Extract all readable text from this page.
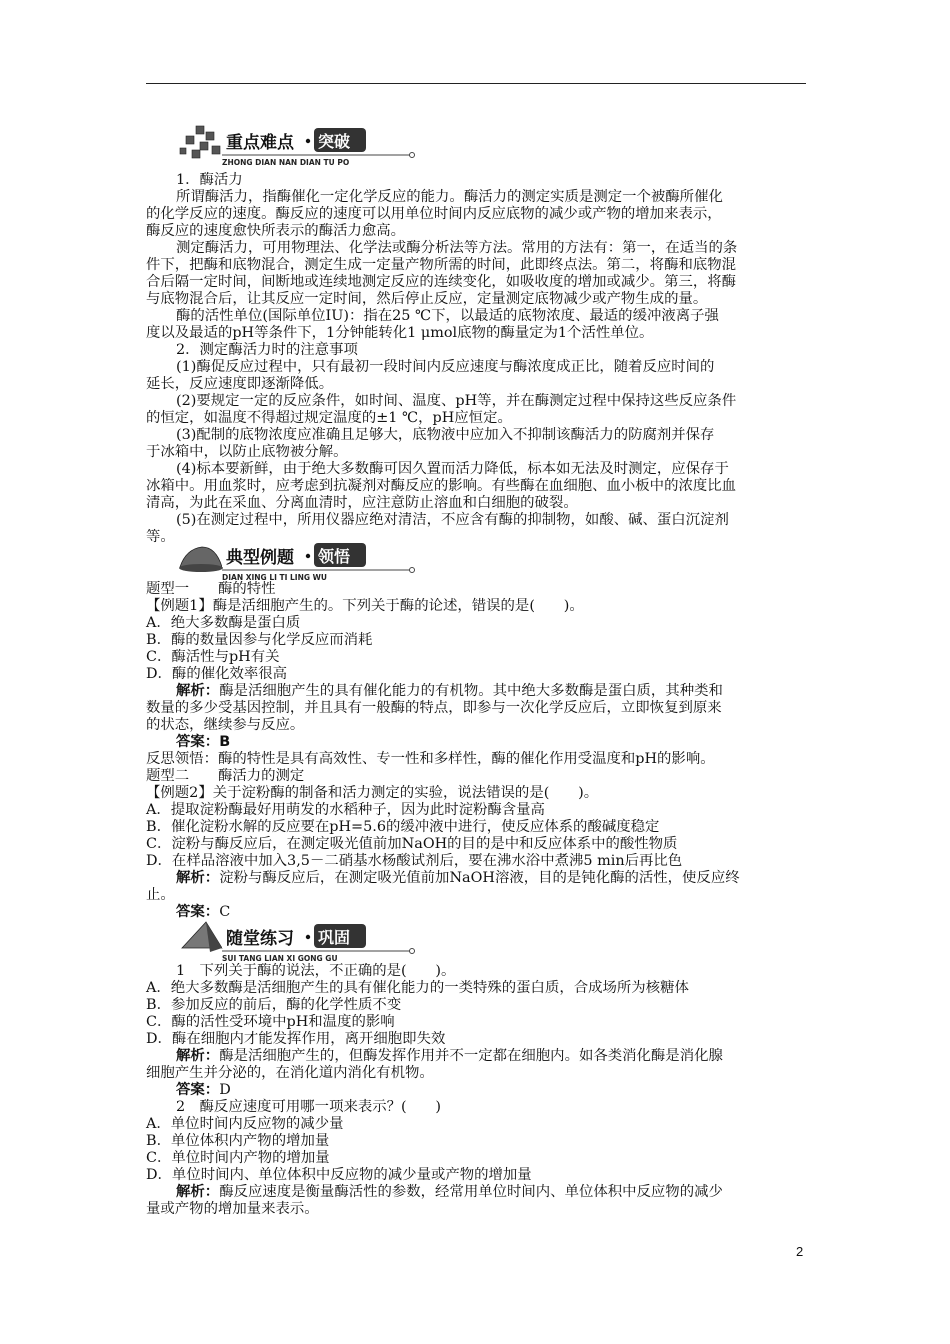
重点难点 突破
ZHONG DIAN NAN DIAN TU PO
1．酶活力
所谓酶活力，指酶催化一定化学反应的能力。酶活力的测定实质是测定一个被酶所催化
的化学反应的速度。酶反应的速度可以用单位时间内反应底物的减少或产物的增加来表示，
酶反应的速度愈快所表示的酶活力愈高。
测定酶活力，可用物理法、化学法或酶分析法等方法。常用的方法有：第一，在适当的条
件下，把酶和底物混合，测定生成一定量产物所需的时间，此即终点法。第二，将酶和底物混
合后隔一定时间，间断地或连续地测定反应的连续变化，如吸收度的增加或减少。第三，将酶
与底物混合后，让其反应一定时间，然后停止反应，定量测定底物减少或产物生成的量。
酶的活性单位(国际单位IU)：指在25 ℃下，以最适的底物浓度、最适的缓冲液离子强
度以及最适的pH等条件下，1分钟能转化1 μmol底物的酶量定为1个活性单位。
2．测定酶活力时的注意事项
(1)酶促反应过程中，只有最初一段时间内反应速度与酶浓度成正比，随着反应时间的
延长，反应速度即逐渐降低。
(2)要规定一定的反应条件，如时间、温度、pH等，并在酶测定过程中保持这些反应条件
的恒定，如温度不得超过规定温度的±1 ℃，pH应恒定。
(3)配制的底物浓度应准确且足够大，底物液中应加入不抑制该酶活力的防腐剂并保存
于冰箱中，以防止底物被分解。
(4)标本要新鲜，由于绝大多数酶可因久置而活力降低，标本如无法及时测定，应保存于
冰箱中。用血浆时，应考虑到抗凝剂对酶反应的影响。有些酶在血细胞、血小板中的浓度比血
清高，为此在采血、分离血清时，应注意防止溶血和白细胞的破裂。
(5)在测定过程中，所用仪器应绝对清洁，不应含有酶的抑制物，如酸、碱、蛋白沉淀剂
等。
典型例题 领悟
DIAN XING LI TI LING WU
题型一　　酶的特性
【例题1】酶是活细胞产生的。下列关于酶的论述，错误的是(　　)。
A．绝大多数酶是蛋白质
B．酶的数量因参与化学反应而消耗
C．酶活性与pH有关
D．酶的催化效率很高
解析：酶是活细胞产生的具有催化能力的有机物。其中绝大多数酶是蛋白质，其种类和
数量的多少受基因控制，并且具有一般酶的特点，即参与一次化学反应后，立即恢复到原来
的状态，继续参与反应。
答案：B
反思领悟：酶的特性是具有高效性、专一性和多样性，酶的催化作用受温度和pH的影响。
题型二　　酶活力的测定
【例题2】关于淀粉酶的制备和活力测定的实验，说法错误的是(　　)。
A．提取淀粉酶最好用萌发的水稻种子，因为此时淀粉酶含量高
B．催化淀粉水解的反应要在pH=5.6的缓冲液中进行，使反应体系的酸碱度稳定
C．淀粉与酶反应后，在测定吸光值前加NaOH的目的是中和反应体系中的酸性物质
D．在样品溶液中加入3,5－二硝基水杨酸试剂后，要在沸水浴中煮沸5 min后再比色
解析：淀粉与酶反应后，在测定吸光值前加NaOH溶液，目的是钝化酶的活性，使反应终
止。
答案：C
随堂练习 巩固
SUI TANG LIAN XI GONG GU
1　下列关于酶的说法，不正确的是(　　)。
A．绝大多数酶是活细胞产生的具有催化能力的一类特殊的蛋白质，合成场所为核糖体
B．参加反应的前后，酶的化学性质不变
C．酶的活性受环境中pH和温度的影响
D．酶在细胞内才能发挥作用，离开细胞即失效
解析：酶是活细胞产生的，但酶发挥作用并不一定都在细胞内。如各类消化酶是消化腺
细胞产生并分泌的，在消化道内消化有机物。
答案：D
2　酶反应速度可用哪一项来表示？(　　)
A．单位时间内反应物的减少量
B．单位体积内产物的增加量
C．单位时间内产物的增加量
D．单位时间内、单位体积中反应物的减少量或产物的增加量
解析：酶反应速度是衡量酶活性的参数，经常用单位时间内、单位体积中反应物的减少
量或产物的增加量来表示。
2
